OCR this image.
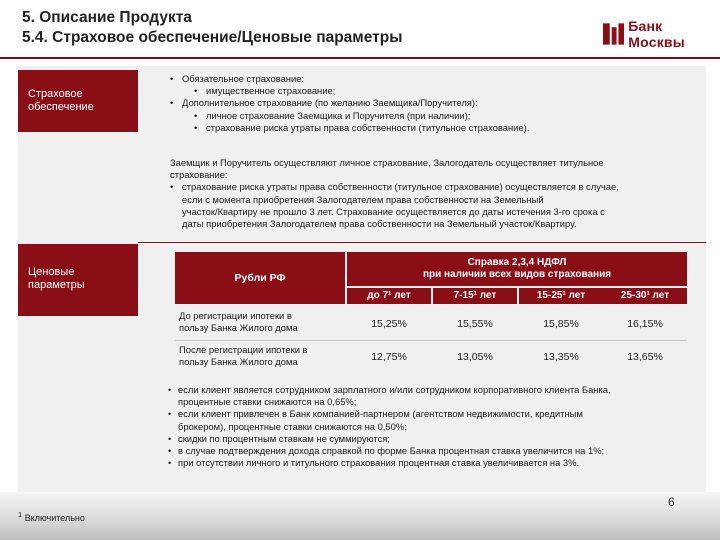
5. Описание Продукта
5.4. Страховое обеспечение/Ценовые параметры
Банк Москвы
Страховое обеспечение
• Обязательное страхование:
• имущественное страхование;
• Дополнительное страхование (по желанию Заемщика/Поручителя):
• личное страхование Заемщика и Поручителя (при наличии);
• страхование риска утраты права собственности (титульное страхование).
Заемщик и Поручитель осуществляют личное страхование, Залогодатель осуществляет титульное
страхование:
• страхование риска утраты права собственности (титульное страхование) осуществляется в случае,
если с момента приобретения Залогодателем права собственности на Земельный
участок/Квартиру не прошло 3 лет. Страхование осуществляется до даты истечения 3-го срока с
даты приобретения Залогодателем права собственности на Земельный участок/Квартиру.
Ценовые параметры
Рубли РФ
Справка 2,3,4 НДФЛ
при наличии всех видов страхования
до 7¹ лет	7-15¹ лет	15-25¹ лет	25-30¹ лет
До регистрации ипотеки в
пользу Банка Жилого дома	15,25%	15,55%	15,85%	16,15%
После регистрации ипотеки в
пользу Банка Жилого дома	12,75%	13,05%	13,35%	13,65%
• если клиент является сотрудником зарплатного и/или сотрудником корпоративного клиента Банка,
процентные ставки снижаются на 0,65%;
• если клиент привлечен в Банк компанией-партнером (агентством недвижимости, кредитным
брокером), процентные ставки снижаются на 0,50%;
• скидки по процентным ставкам не суммируются;
• в случае подтверждения дохода справкой по форме Банка процентная ставка увеличится на 1%;
• при отсутствии личного и титульного страхования процентная ставка увеличивается на 3%.
$^1$ Включительно
6
